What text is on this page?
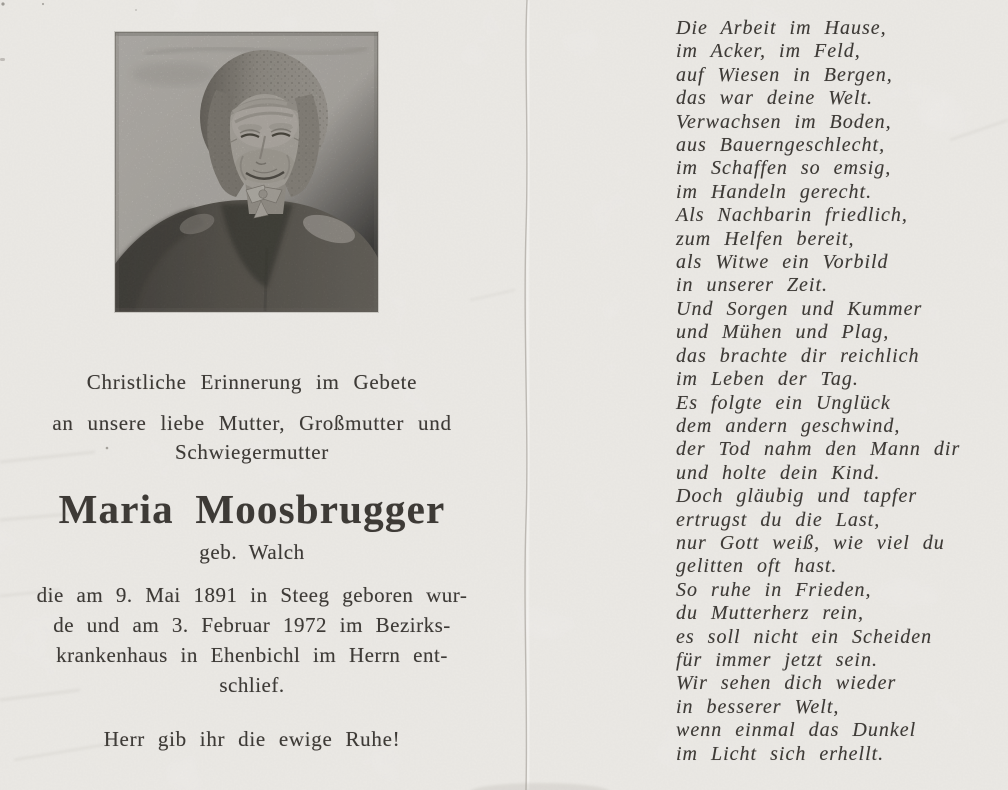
Christliche Erinnerung im Gebete
an unsere liebe Mutter, Großmutter und
Schwiegermutter
Maria Moosbrugger
geb. Walch
die am 9. Mai 1891 in Steeg geboren wur-
de und am 3. Februar 1972 im Bezirks-
krankenhaus in Ehenbichl im Herrn ent-
schlief.
Herr gib ihr die ewige Ruhe!
Die Arbeit im Hause,
im Acker, im Feld,
auf Wiesen in Bergen,
das war deine Welt.
Verwachsen im Boden,
aus Bauerngeschlecht,
im Schaffen so emsig,
im Handeln gerecht.
Als Nachbarin friedlich,
zum Helfen bereit,
als Witwe ein Vorbild
in unserer Zeit.
Und Sorgen und Kummer
und Mühen und Plag,
das brachte dir reichlich
im Leben der Tag.
Es folgte ein Unglück
dem andern geschwind,
der Tod nahm den Mann dir
und holte dein Kind.
Doch gläubig und tapfer
ertrugst du die Last,
nur Gott weiß, wie viel du
gelitten oft hast.
So ruhe in Frieden,
du Mutterherz rein,
es soll nicht ein Scheiden
für immer jetzt sein.
Wir sehen dich wieder
in besserer Welt,
wenn einmal das Dunkel
im Licht sich erhellt.
